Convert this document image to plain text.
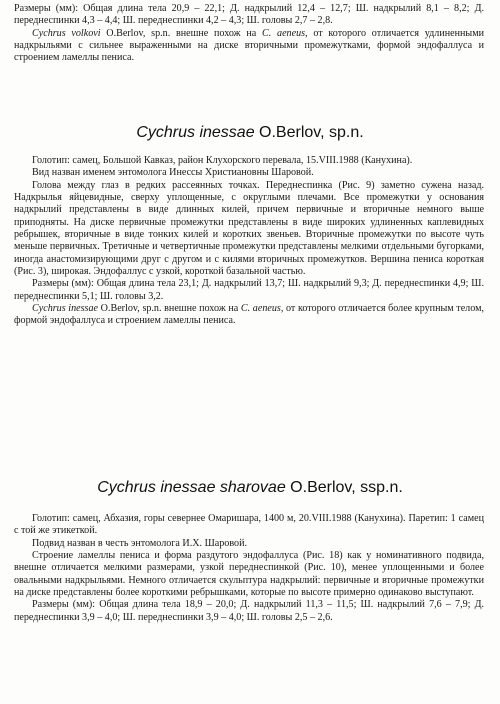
Размеры (мм): Общая длина тела 20,9 – 22,1; Д. надкрылий 12,4 – 12,7; Ш. надкрылий 8,1 – 8,2; Д. переднеспинки 4,3 – 4,4; Ш. переднеспинки 4,2 – 4,3; Ш. головы 2,7 – 2,8.

Cychrus volkovi O.Berlov, sp.n. внешне похож на C. aeneus, от которого отличается удлиненными надкрыльями с сильнее выраженными на диске вторичными промежутками, формой эндофаллуса и строением ламеллы пениса.

Cychrus inessae O.Berlov, sp.n.

Голотип: самец, Большой Кавказ, район Клухорского перевала, 15.VIII.1988 (Канухина).

Вид назван именем энтомолога Инессы Христиановны Шаровой.

Голова между глаз в редких рассеянных точках. Переднеспинка (Рис. 9) заметно сужена назад. Надкрылья яйцевидные, сверху уплощенные, с округлыми плечами. Все промежутки у основания надкрылий представлены в виде длинных килей, причем первичные и вторичные немного выше приподняты. На диске первичные промежутки представлены в виде широких удлиненных каплевидных ребрышек, вторичные в виде тонких килей и коротких звеньев. Вторичные промежутки по высоте чуть меньше первичных. Третичные и четвертичные промежутки представлены мелкими отдельными бугорками, иногда анастомизирующими друг с другом и с килями вторичных промежутков. Вершина пениса короткая (Рис. 3), широкая. Эндофаллус с узкой, короткой базальной частью.

Размеры (мм): Общая длина тела 23,1; Д. надкрылий 13,7; Ш. надкрылий 9,3; Д. переднеспинки 4,9; Ш. переднеспинки 5,1; Ш. головы 3,2.

Cychrus inessae O.Berlov, sp.n. внешне похож на C. aeneus, от которого отличается более крупным телом, формой эндофаллуса и строением ламеллы пениса.

Cychrus inessae sharovae O.Berlov, ssp.n.

Голотип: самец, Абхазия, горы севернее Омаришара, 1400 м, 20.VIII.1988 (Канухина). Паретип: 1 самец с той же этикеткой.

Подвид назван в честь энтомолога И.Х. Шаровой.

Строение ламеллы пениса и форма раздутого эндофаллуса (Рис. 18) как у номинативного подвида, внешне отличается мелкими размерами, узкой переднеспинкой (Рис. 10), менее уплощенными и более овальными надкрыльями. Немного отличается скульптура надкрылий: первичные и вторичные промежутки на диске представлены более короткими ребрышками, которые по высоте примерно одинаково выступают.

Размеры (мм): Общая длина тела 18,9 – 20,0; Д. надкрылий 11,3 – 11,5; Ш. надкрылий 7,6 – 7,9; Д. переднеспинки 3,9 – 4,0; Ш. переднеспинки 3,9 – 4,0; Ш. головы 2,5 – 2,6.
